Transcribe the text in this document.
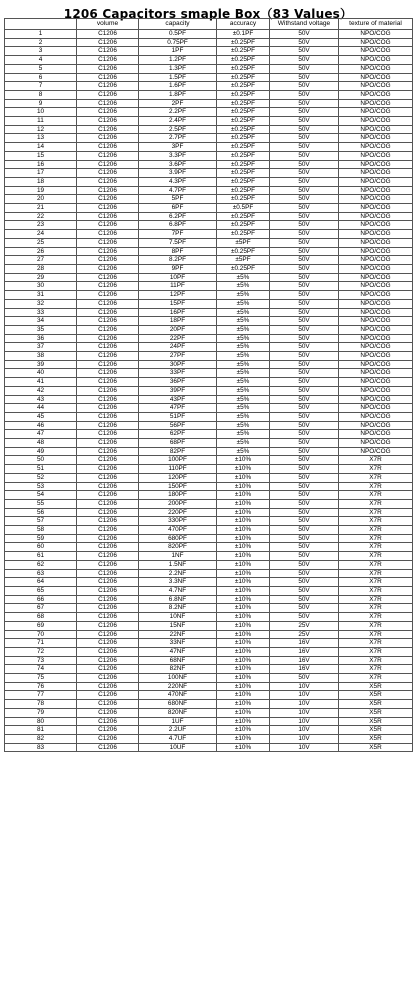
1206 Capacitors smaple Box（83 Values）
	volume	capacity	accuracy	Withstand voltage	texture of material
1	C1206	0.5PF	±0.1PF	50V	NPO/COG
2	C1206	0.75PF	±0.25PF	50V	NPO/COG
3	C1206	1PF	±0.25PF	50V	NPO/COG
4	C1206	1.2PF	±0.25PF	50V	NPO/COG
5	C1206	1.3PF	±0.25PF	50V	NPO/COG
6	C1206	1.5PF	±0.25PF	50V	NPO/COG
7	C1206	1.6PF	±0.25PF	50V	NPO/COG
8	C1206	1.8PF	±0.25PF	50V	NPO/COG
9	C1206	2PF	±0.25PF	50V	NPO/COG
10	C1206	2.2PF	±0.25PF	50V	NPO/COG
11	C1206	2.4PF	±0.25PF	50V	NPO/COG
12	C1206	2.5PF	±0.25PF	50V	NPO/COG
13	C1206	2.7PF	±0.25PF	50V	NPO/COG
14	C1206	3PF	±0.25PF	50V	NPO/COG
15	C1206	3.3PF	±0.25PF	50V	NPO/COG
16	C1206	3.6PF	±0.25PF	50V	NPO/COG
17	C1206	3.9PF	±0.25PF	50V	NPO/COG
18	C1206	4.3PF	±0.25PF	50V	NPO/COG
19	C1206	4.7PF	±0.25PF	50V	NPO/COG
20	C1206	5PF	±0.25PF	50V	NPO/COG
21	C1206	6PF	±0.5PF	50V	NPO/COG
22	C1206	6.2PF	±0.25PF	50V	NPO/COG
23	C1206	6.8PF	±0.25PF	50V	NPO/COG
24	C1206	7PF	±0.25PF	50V	NPO/COG
25	C1206	7.5PF	±5PF	50V	NPO/COG
26	C1206	8PF	±0.25PF	50V	NPO/COG
27	C1206	8.2PF	±5PF	50V	NPO/COG
28	C1206	9PF	±0.25PF	50V	NPO/COG
29	C1206	10PF	±5%	50V	NPO/COG
30	C1206	11PF	±5%	50V	NPO/COG
31	C1206	12PF	±5%	50V	NPO/COG
32	C1206	15PF	±5%	50V	NPO/COG
33	C1206	16PF	±5%	50V	NPO/COG
34	C1206	18PF	±5%	50V	NPO/COG
35	C1206	20PF	±5%	50V	NPO/COG
36	C1206	22PF	±5%	50V	NPO/COG
37	C1206	24PF	±5%	50V	NPO/COG
38	C1206	27PF	±5%	50V	NPO/COG
39	C1206	30PF	±5%	50V	NPO/COG
40	C1206	33PF	±5%	50V	NPO/COG
41	C1206	36PF	±5%	50V	NPO/COG
42	C1206	39PF	±5%	50V	NPO/COG
43	C1206	43PF	±5%	50V	NPO/COG
44	C1206	47PF	±5%	50V	NPO/COG
45	C1206	51PF	±5%	50V	NPO/COG
46	C1206	56PF	±5%	50V	NPO/COG
47	C1206	62PF	±5%	50V	NPO/COG
48	C1206	68PF	±5%	50V	NPO/COG
49	C1206	82PF	±5%	50V	NPO/COG
50	C1206	100PF	±10%	50V	X7R
51	C1206	110PF	±10%	50V	X7R
52	C1206	120PF	±10%	50V	X7R
53	C1206	150PF	±10%	50V	X7R
54	C1206	180PF	±10%	50V	X7R
55	C1206	200PF	±10%	50V	X7R
56	C1206	220PF	±10%	50V	X7R
57	C1206	330PF	±10%	50V	X7R
58	C1206	470PF	±10%	50V	X7R
59	C1206	680PF	±10%	50V	X7R
60	C1206	820PF	±10%	50V	X7R
61	C1206	1NF	±10%	50V	X7R
62	C1206	1.5NF	±10%	50V	X7R
63	C1206	2.2NF	±10%	50V	X7R
64	C1206	3.3NF	±10%	50V	X7R
65	C1206	4.7NF	±10%	50V	X7R
66	C1206	6.8NF	±10%	50V	X7R
67	C1206	8.2NF	±10%	50V	X7R
68	C1206	10NF	±10%	50V	X7R
69	C1206	15NF	±10%	25V	X7R
70	C1206	22NF	±10%	25V	X7R
71	C1206	33NF	±10%	16V	X7R
72	C1206	47NF	±10%	16V	X7R
73	C1206	68NF	±10%	16V	X7R
74	C1206	82NF	±10%	16V	X7R
75	C1206	100NF	±10%	50V	X7R
76	C1206	220NF	±10%	10V	X5R
77	C1206	470NF	±10%	10V	X5R
78	C1206	680NF	±10%	10V	X5R
79	C1206	820NF	±10%	10V	X5R
80	C1206	1UF	±10%	10V	X5R
81	C1206	2.2UF	±10%	10V	X5R
82	C1206	4.7UF	±10%	10V	X5R
83	C1206	10UF	±10%	10V	X5R
